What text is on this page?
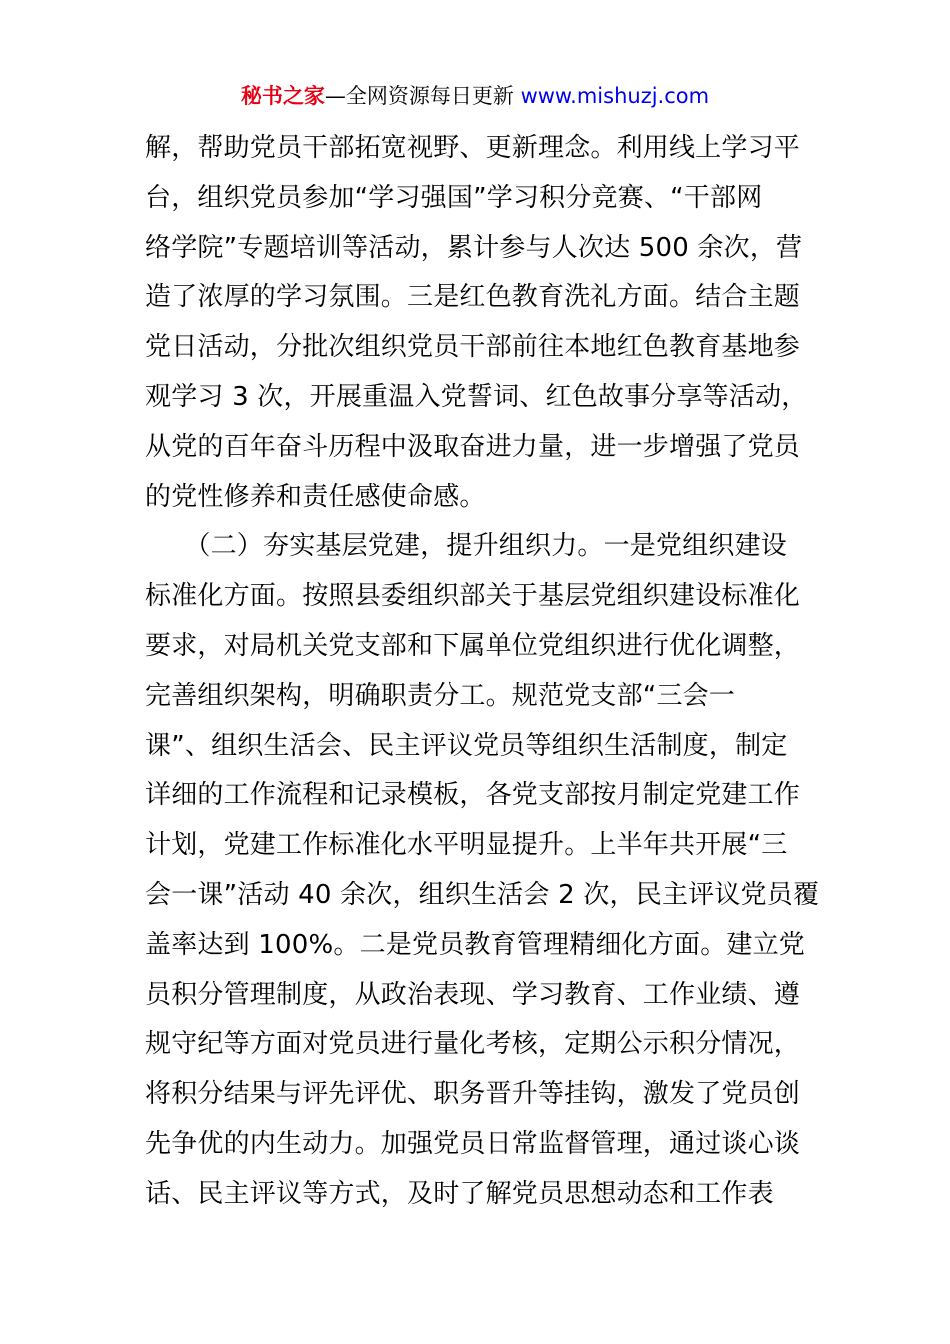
秘书之家—全网资源每日更新 www.mishuzj.com
解，帮助党员干部拓宽视野、更新理念。利用线上学习平
台，组织党员参加“学习强国”学习积分竞赛、“干部网
络学院”专题培训等活动，累计参与人次达 500 余次，营
造了浓厚的学习氛围。三是红色教育洗礼方面。结合主题
党日活动，分批次组织党员干部前往本地红色教育基地参
观学习 3 次，开展重温入党誓词、红色故事分享等活动，
从党的百年奋斗历程中汲取奋进力量，进一步增强了党员
的党性修养和责任感使命感。
　　（二）夯实基层党建，提升组织力。一是党组织建设
标准化方面。按照县委组织部关于基层党组织建设标准化
要求，对局机关党支部和下属单位党组织进行优化调整，
完善组织架构，明确职责分工。规范党支部“三会一
课”、组织生活会、民主评议党员等组织生活制度，制定
详细的工作流程和记录模板，各党支部按月制定党建工作
计划，党建工作标准化水平明显提升。上半年共开展“三
会一课”活动 40 余次，组织生活会 2 次，民主评议党员覆
盖率达到 100%。二是党员教育管理精细化方面。建立党
员积分管理制度，从政治表现、学习教育、工作业绩、遵
规守纪等方面对党员进行量化考核，定期公示积分情况，
将积分结果与评先评优、职务晋升等挂钩，激发了党员创
先争优的内生动力。加强党员日常监督管理，通过谈心谈
话、民主评议等方式，及时了解党员思想动态和工作表
